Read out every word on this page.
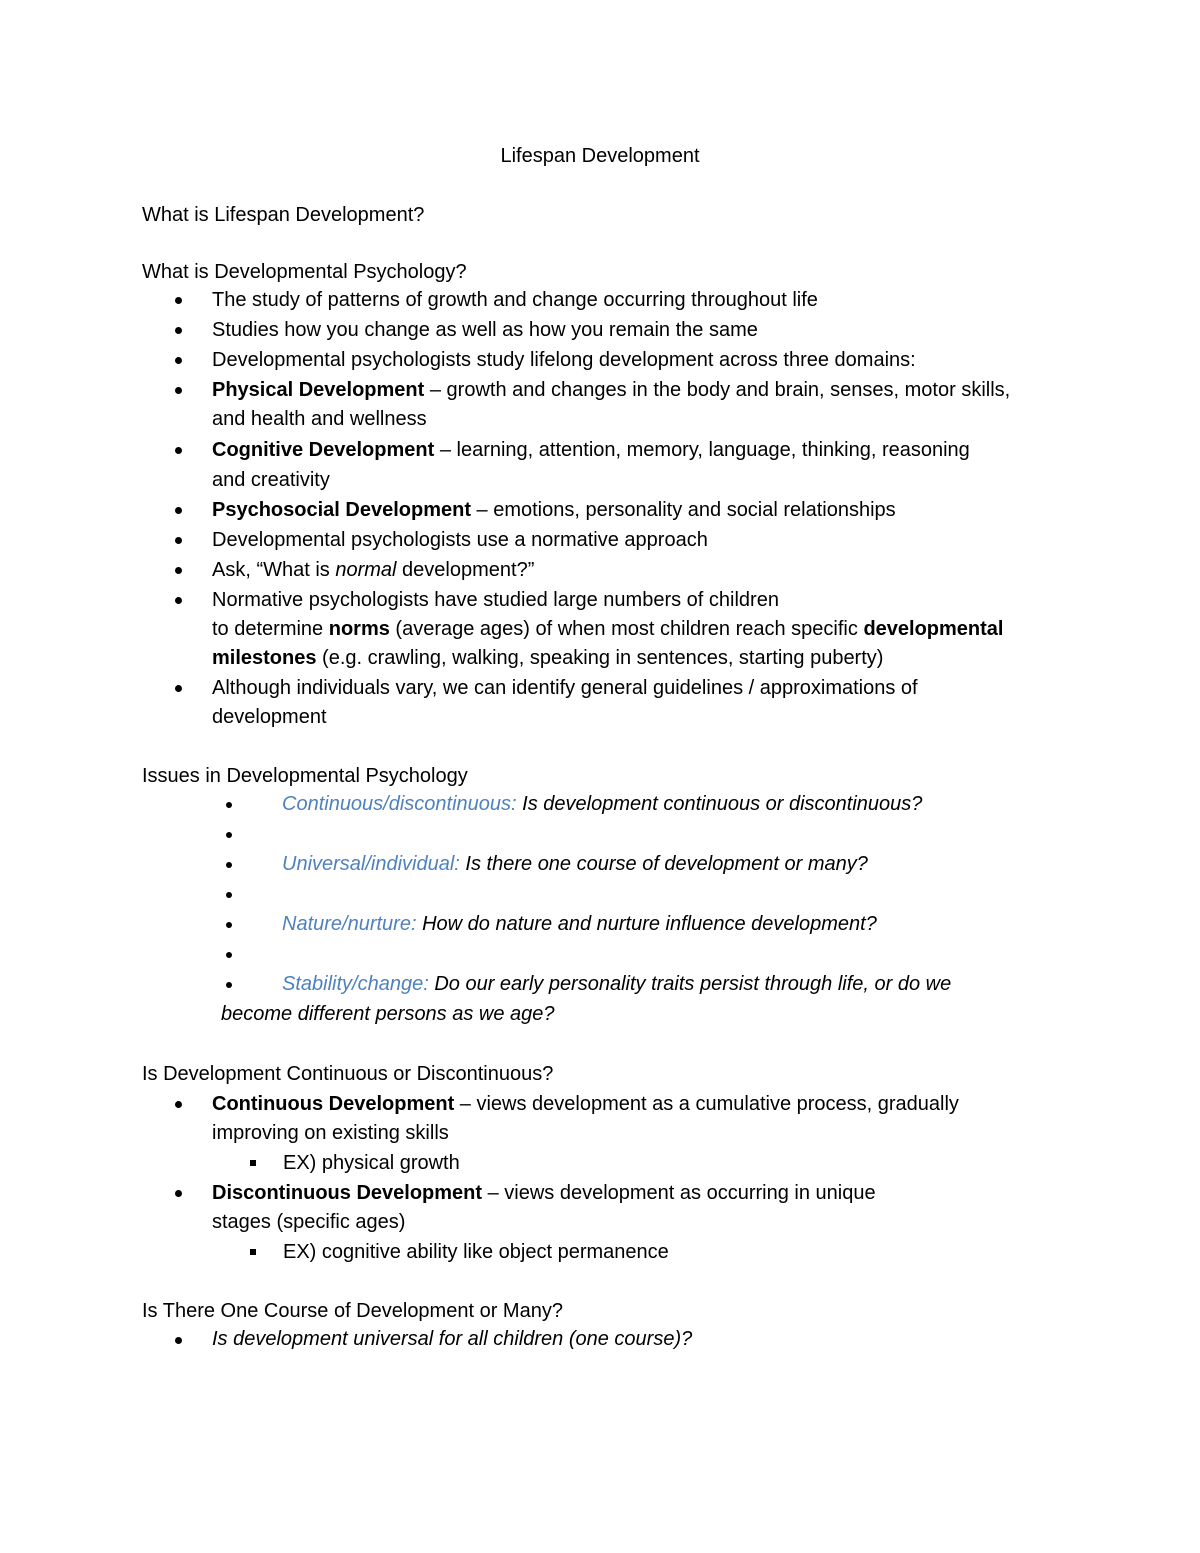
Lifespan Development
What is Lifespan Development?
What is Developmental Psychology?
The study of patterns of growth and change occurring throughout life
Studies how you change as well as how you remain the same
Developmental psychologists study lifelong development across three domains:
Physical Development – growth and changes in the body and brain, senses, motor skills,
and health and wellness
Cognitive Development – learning, attention, memory, language, thinking, reasoning
and creativity
Psychosocial Development – emotions, personality and social relationships
Developmental psychologists use a normative approach
Ask, “What is normal development?”
Normative psychologists have studied large numbers of children
to determine norms (average ages) of when most children reach specific developmental
milestones (e.g. crawling, walking, speaking in sentences, starting puberty)
Although individuals vary, we can identify general guidelines / approximations of
development
Issues in Developmental Psychology
Continuous/discontinuous: Is development continuous or discontinuous?
Universal/individual: Is there one course of development or many?
Nature/nurture: How do nature and nurture influence development?
Stability/change: Do our early personality traits persist through life, or do we
become different persons as we age?
Is Development Continuous or Discontinuous?
Continuous Development – views development as a cumulative process, gradually
improving on existing skills
EX) physical growth
Discontinuous Development – views development as occurring in unique
stages (specific ages)
EX) cognitive ability like object permanence
Is There One Course of Development or Many?
Is development universal for all children (one course)?
